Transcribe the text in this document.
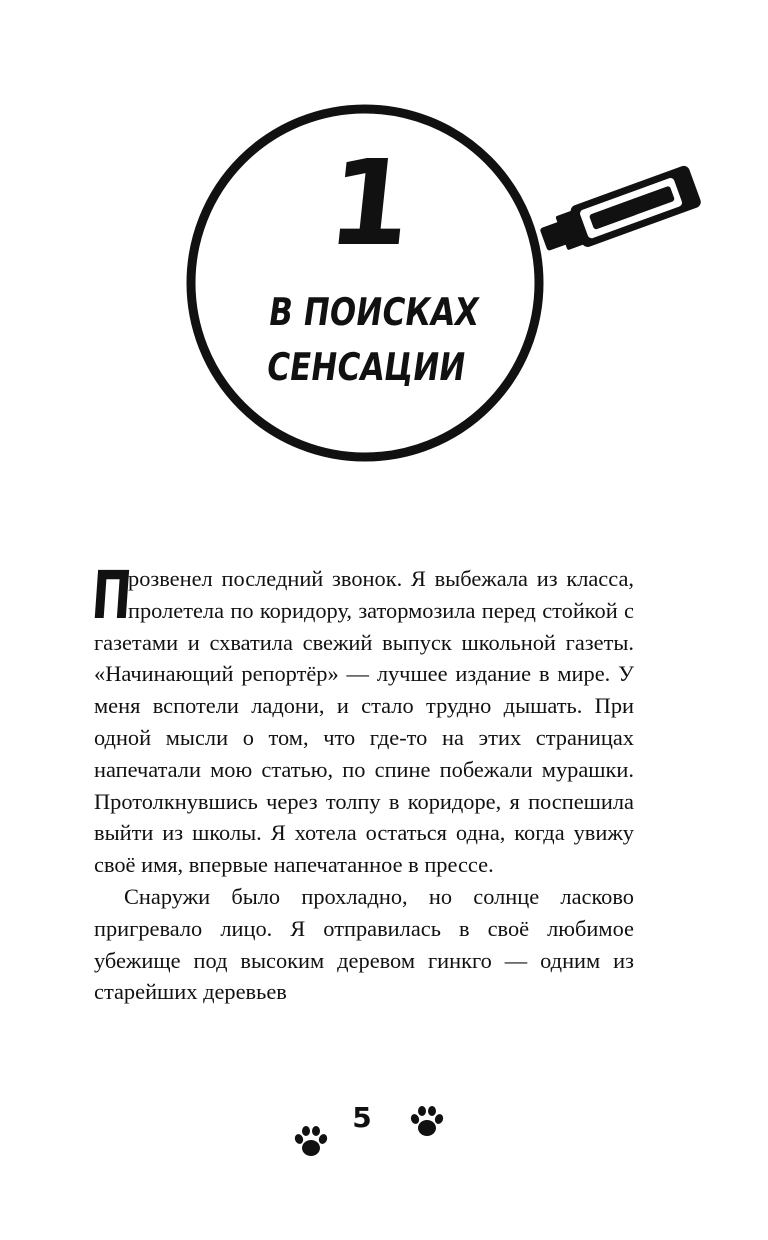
1
В ПОИСКАХ
СЕНСАЦИИ

П
розвенел последний звонок. Я выбежала из класса, пролетела по коридору, затормозила перед стойкой с газетами и схватила свежий выпуск школьной газеты. «Начинающий репортёр» — лучшее издание в мире. У меня вспотели ладони, и стало трудно дышать. При одной мысли о том, что где-то на этих страницах напечатали мою статью, по спине побежали мурашки. Протолкнувшись через толпу в коридоре, я поспешила выйти из школы. Я хотела остаться одна, когда увижу своё имя, впервые напечатанное в прессе.

Снаружи было прохладно, но солнце ласково пригревало лицо. Я отправилась в своё любимое убежище под высоким деревом гинкго — одним из старейших деревьев

5
